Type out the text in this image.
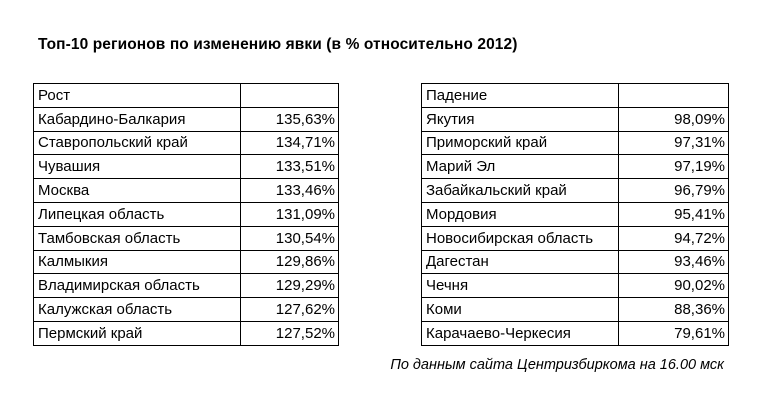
Топ-10 регионов по изменению явки (в % относительно 2012)
Рост	
Кабардино-Балкария	135,63%
Ставропольский край	134,71%
Чувашия	133,51%
Москва	133,46%
Липецкая область	131,09%
Тамбовская область	130,54%
Калмыкия	129,86%
Владимирская область	129,29%
Калужская область	127,62%
Пермский край	127,52%
Падение	
Якутия	98,09%
Приморский край	97,31%
Марий Эл	97,19%
Забайкальский край	96,79%
Мордовия	95,41%
Новосибирская область	94,72%
Дагестан	93,46%
Чечня	90,02%
Коми	88,36%
Карачаево-Черкесия	79,61%
По данным сайта Центризбиркома на 16.00 мск
